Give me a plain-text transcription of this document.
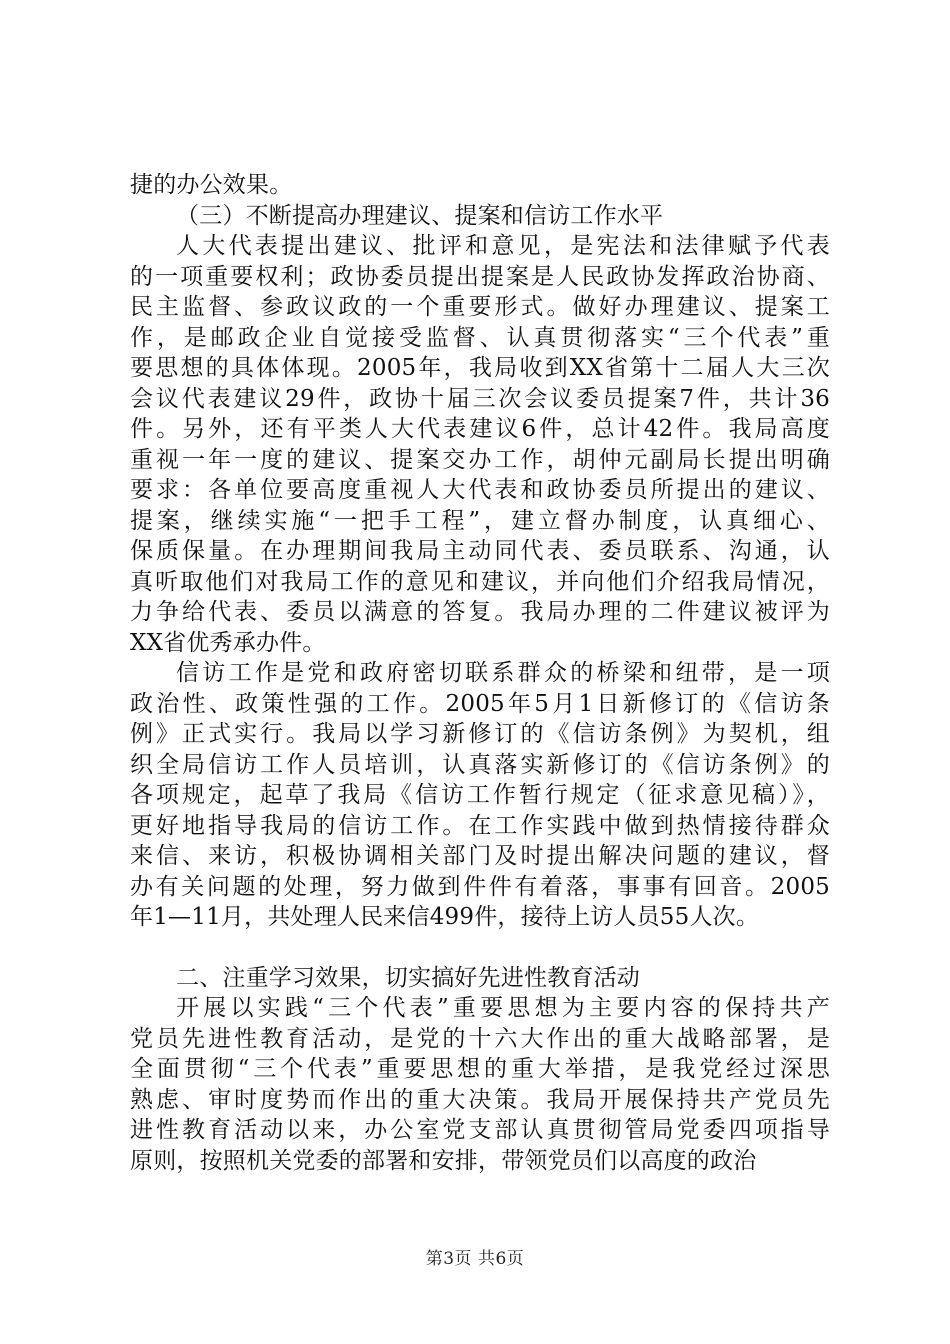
捷的办公效果。
（三）不断提高办理建议、提案和信访工作水平
人大代表提出建议、批评和意见，是宪法和法律赋予代表
的一项重要权利；政协委员提出提案是人民政协发挥政治协商、
民主监督、参政议政的一个重要形式。做好办理建议、提案工
作，是邮政企业自觉接受监督、认真贯彻落实“三个代表”重
要思想的具体体现。2005年，我局收到XX省第十二届人大三次
会议代表建议29件，政协十届三次会议委员提案7件，共计36
件。另外，还有平类人大代表建议6件，总计42件。我局高度
重视一年一度的建议、提案交办工作，胡仲元副局长提出明确
要求：各单位要高度重视人大代表和政协委员所提出的建议、
提案，继续实施“一把手工程”，建立督办制度，认真细心、
保质保量。在办理期间我局主动同代表、委员联系、沟通，认
真听取他们对我局工作的意见和建议，并向他们介绍我局情况，
力争给代表、委员以满意的答复。我局办理的二件建议被评为
XX省优秀承办件。
信访工作是党和政府密切联系群众的桥梁和纽带，是一项
政治性、政策性强的工作。2005年5月1日新修订的《信访条
例》正式实行。我局以学习新修订的《信访条例》为契机，组
织全局信访工作人员培训，认真落实新修订的《信访条例》的
各项规定，起草了我局《信访工作暂行规定（征求意见稿）》，
更好地指导我局的信访工作。在工作实践中做到热情接待群众
来信、来访，积极协调相关部门及时提出解决问题的建议，督
办有关问题的处理，努力做到件件有着落，事事有回音。2005
年1—11月，共处理人民来信499件，接待上访人员55人次。
二、注重学习效果，切实搞好先进性教育活动
开展以实践“三个代表”重要思想为主要内容的保持共产
党员先进性教育活动，是党的十六大作出的重大战略部署，是
全面贯彻“三个代表”重要思想的重大举措，是我党经过深思
熟虑、审时度势而作出的重大决策。我局开展保持共产党员先
进性教育活动以来，办公室党支部认真贯彻管局党委四项指导
原则，按照机关党委的部署和安排，带领党员们以高度的政治
第3页 共6页
